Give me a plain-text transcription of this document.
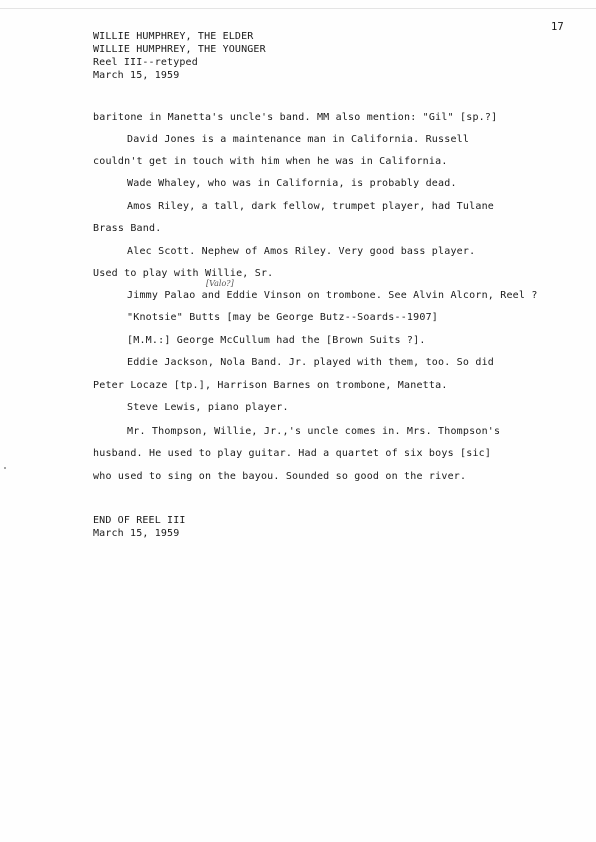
17
WILLIE HUMPHREY, THE ELDER
WILLIE HUMPHREY, THE YOUNGER
Reel III--retyped
March 15, 1959
baritone in Manetta's uncle's band. MM also mention: "Gil" [sp.?]
David Jones is a maintenance man in California. Russell
couldn't get in touch with him when he was in California.
Wade Whaley, who was in California, is probably dead.
Amos Riley, a tall, dark fellow, trumpet player, had Tulane
Brass Band.
Alec Scott. Nephew of Amos Riley. Very good bass player.
Used to play with Willie, Sr.
[Valo?]
Jimmy Palao and Eddie Vinson on trombone. See Alvin Alcorn, Reel ?
"Knotsie" Butts [may be George Butz--Soards--1907]
[M.M.:] George McCullum had the [Brown Suits ?].
Eddie Jackson, Nola Band. Jr. played with them, too. So did
Peter Locaze [tp.], Harrison Barnes on trombone, Manetta.
Steve Lewis, piano player.
Mr. Thompson, Willie, Jr.,'s uncle comes in. Mrs. Thompson's
husband. He used to play guitar. Had a quartet of six boys [sic]
who used to sing on the bayou. Sounded so good on the river.
END OF REEL III
March 15, 1959
